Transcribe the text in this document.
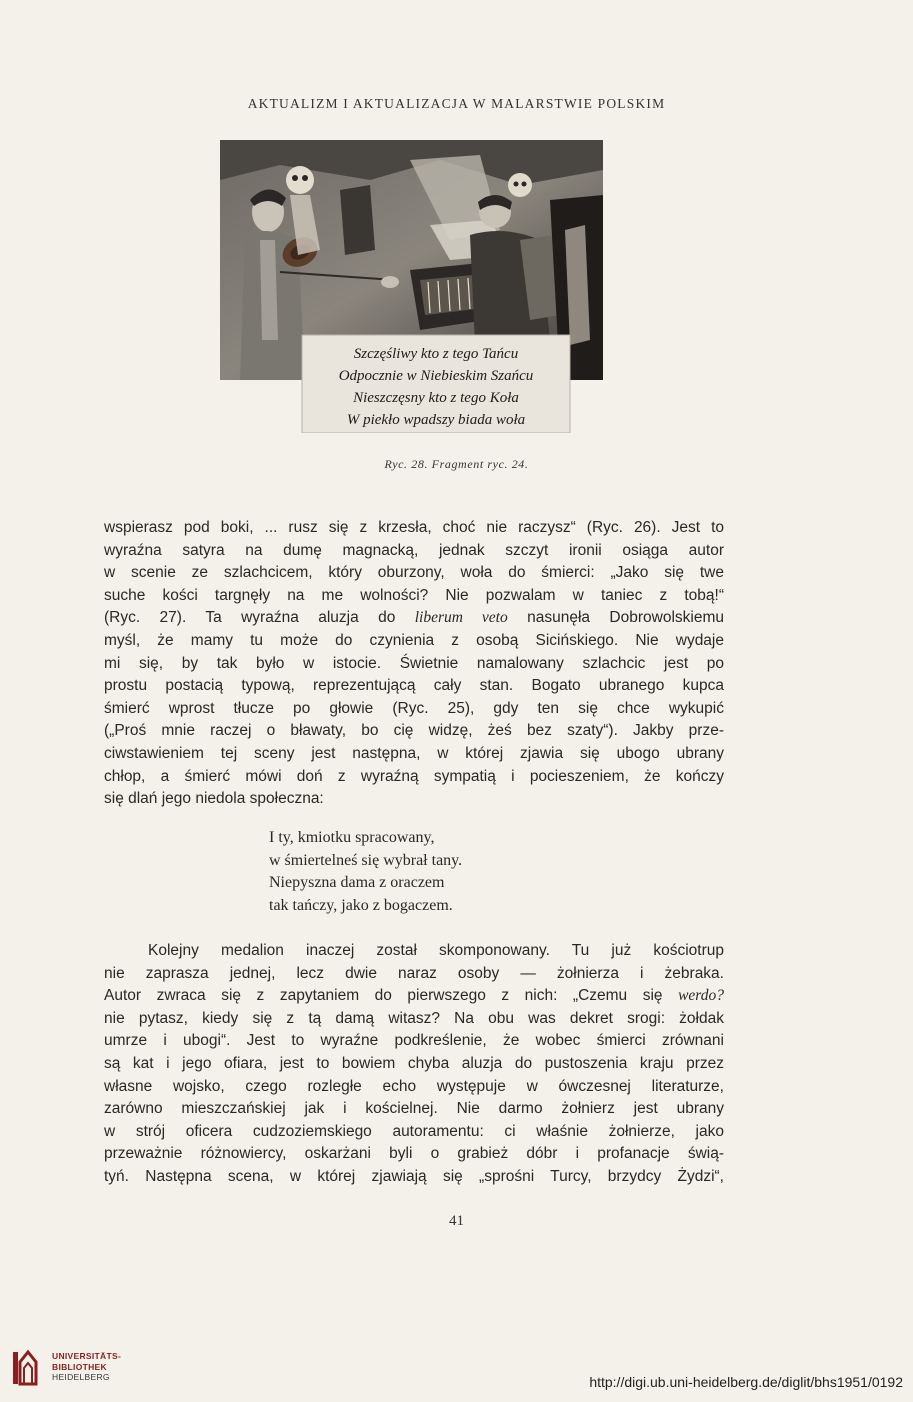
AKTUALIZM I AKTUALIZACJA W MALARSTWIE POLSKIM
Szczęśliwy kto z tego Tańcu
Odpocznie w Niebieskim Szańcu
Nieszczęsny kto z tego Koła
W piekło wpadszy biada woła
Ryc. 28. Fragment ryc. 24.
wspierasz pod boki, ... rusz się z krzesła, choć nie raczysz“ (Ryc. 26). Jest to
wyraźna satyra na dumę magnacką, jednak szczyt ironii osiąga autor
w scenie ze szlachcicem, który oburzony, woła do śmierci: „Jako się twe
suche kości targnęły na me wolności? Nie pozwalam w taniec z tobą!“
(Ryc. 27). Ta wyraźna aluzja do liberum veto nasunęła Dobrowolskiemu
myśl, że mamy tu może do czynienia z osobą Sicińskiego. Nie wydaje
mi się, by tak było w istocie. Świetnie namalowany szlachcic jest po
prostu postacią typową, reprezentującą cały stan. Bogato ubranego kupca
śmierć wprost tłucze po głowie (Ryc. 25), gdy ten się chce wykupić
(„Proś mnie raczej o bławaty, bo cię widzę, żeś bez szaty“). Jakby prze-
ciwstawieniem tej sceny jest następna, w której zjawia się ubogo ubrany
chłop, a śmierć mówi doń z wyraźną sympatią i pocieszeniem, że kończy
się dlań jego niedola społeczna:
I ty, kmiotku spracowany,
w śmiertelneś się wybrał tany.
Niepyszna dama z oraczem
tak tańczy, jako z bogaczem.
Kolejny medalion inaczej został skomponowany. Tu już kościotrup
nie zaprasza jednej, lecz dwie naraz osoby — żołnierza i żebraka.
Autor zwraca się z zapytaniem do pierwszego z nich: „Czemu się werdo?
nie pytasz, kiedy się z tą damą witasz? Na obu was dekret srogi: żołdak
umrze i ubogi“. Jest to wyraźne podkreślenie, że wobec śmierci zrównani
są kat i jego ofiara, jest to bowiem chyba aluzja do pustoszenia kraju przez
własne wojsko, czego rozległe echo występuje w ówczesnej literaturze,
zarówno mieszczańskiej jak i kościelnej. Nie darmo żołnierz jest ubrany
w strój oficera cudzoziemskiego autoramentu: ci właśnie żołnierze, jako
przeważnie różnowiercy, oskarżani byli o grabież dóbr i profanacje świą-
tyń. Następna scena, w której zjawiają się „sprośni Turcy, brzydcy Żydzi“,
41
UNIVERSITÄTS-
BIBLIOTHEK
HEIDELBERG	http://digi.ub.uni-heidelberg.de/diglit/bhs1951/0192
